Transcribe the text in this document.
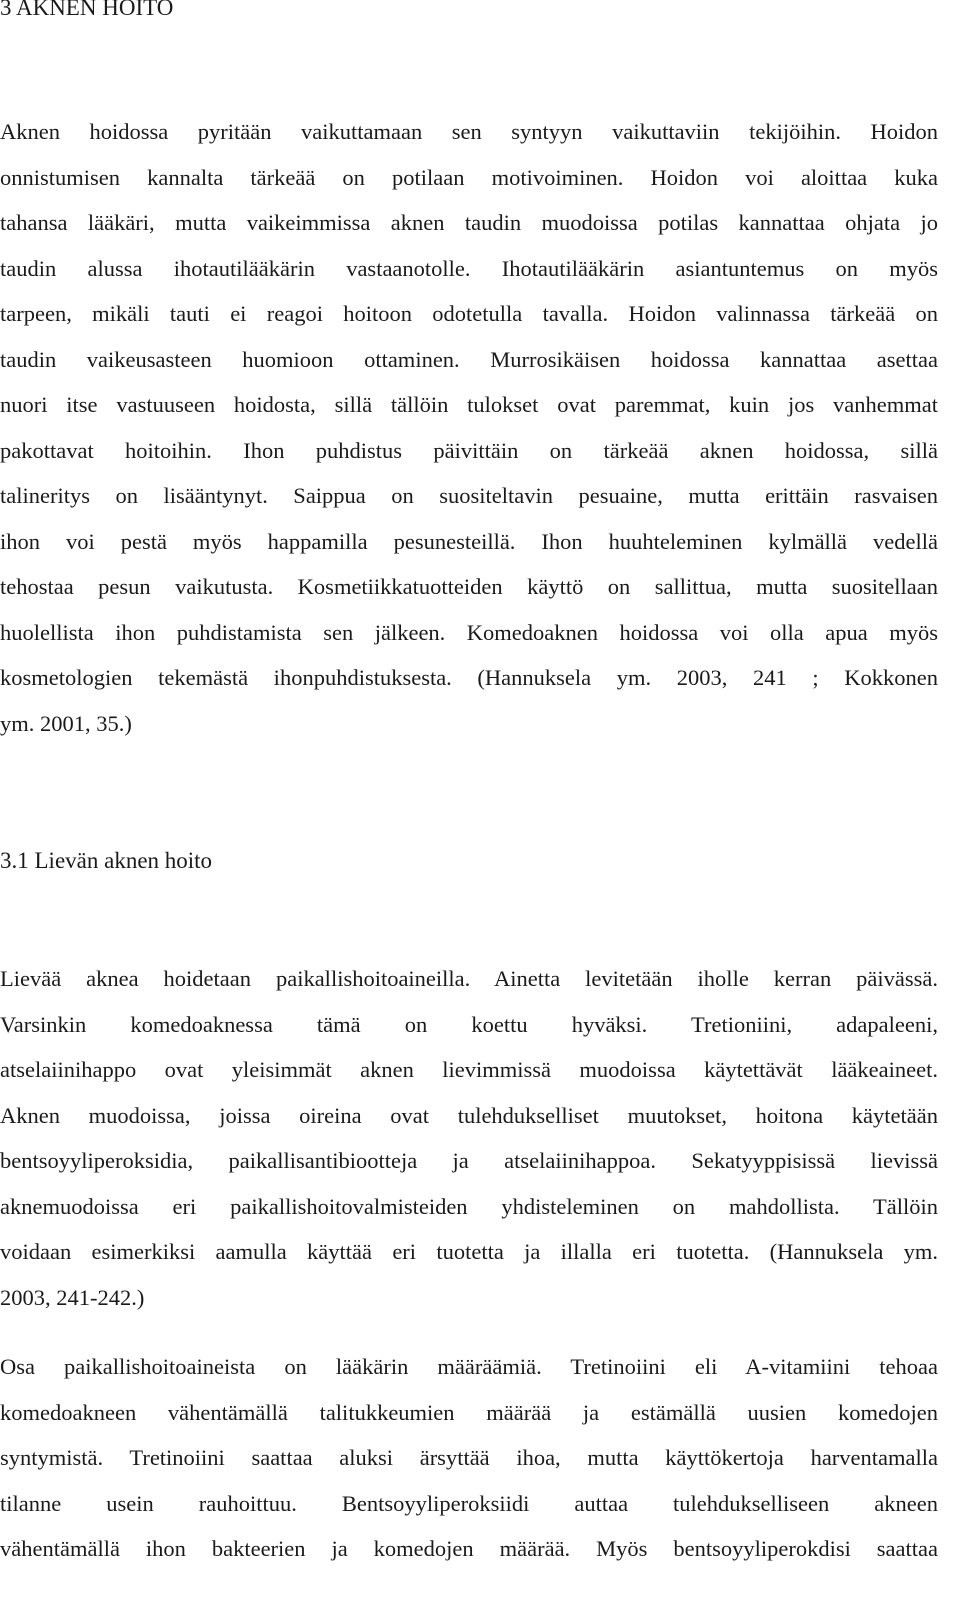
3 AKNEN HOITO
Aknen hoidossa pyritään vaikuttamaan sen syntyyn vaikuttaviin tekijöihin. Hoidon
onnistumisen kannalta tärkeää on potilaan motivoiminen. Hoidon voi aloittaa kuka
tahansa lääkäri, mutta vaikeimmissa aknen taudin muodoissa potilas kannattaa ohjata jo
taudin alussa ihotautilääkärin vastaanotolle. Ihotautilääkärin asiantuntemus on myös
tarpeen, mikäli tauti ei reagoi hoitoon odotetulla tavalla. Hoidon valinnassa tärkeää on
taudin vaikeusasteen huomioon ottaminen. Murrosikäisen hoidossa kannattaa asettaa
nuori itse vastuuseen hoidosta, sillä tällöin tulokset ovat paremmat, kuin jos vanhemmat
pakottavat hoitoihin. Ihon puhdistus päivittäin on tärkeää aknen hoidossa, sillä
talineritys on lisääntynyt. Saippua on suositeltavin pesuaine, mutta erittäin rasvaisen
ihon voi pestä myös happamilla pesunesteillä. Ihon huuhteleminen kylmällä vedellä
tehostaa pesun vaikutusta. Kosmetiikkatuotteiden käyttö on sallittua, mutta suositellaan
huolellista ihon puhdistamista sen jälkeen. Komedoaknen hoidossa voi olla apua myös
kosmetologien tekemästä ihonpuhdistuksesta. (Hannuksela ym. 2003, 241 ; Kokkonen
ym. 2001, 35.)
3.1 Lievän aknen hoito
Lievää aknea hoidetaan paikallishoitoaineilla. Ainetta levitetään iholle kerran päivässä.
Varsinkin komedoaknessa tämä on koettu hyväksi. Tretioniini, adapaleeni,
atselaiinihappo ovat yleisimmät aknen lievimmissä muodoissa käytettävät lääkeaineet.
Aknen muodoissa, joissa oireina ovat tulehdukselliset muutokset, hoitona käytetään
bentsoyyliperoksidia, paikallisantibiootteja ja atselaiinihappoa. Sekatyyppisissä lievissä
aknemuodoissa eri paikallishoitovalmisteiden yhdisteleminen on mahdollista. Tällöin
voidaan esimerkiksi aamulla käyttää eri tuotetta ja illalla eri tuotetta. (Hannuksela ym.
2003, 241-242.)
Osa paikallishoitoaineista on lääkärin määräämiä. Tretinoiini eli A-vitamiini tehoaa
komedoakneen vähentämällä talitukkeumien määrää ja estämällä uusien komedojen
syntymistä. Tretinoiini saattaa aluksi ärsyttää ihoa, mutta käyttökertoja harventamalla
tilanne usein rauhoittuu. Bentsoyyliperoksiidi auttaa tulehdukselliseen akneen
vähentämällä ihon bakteerien ja komedojen määrää. Myös bentsoyyliperokdisi saattaa
